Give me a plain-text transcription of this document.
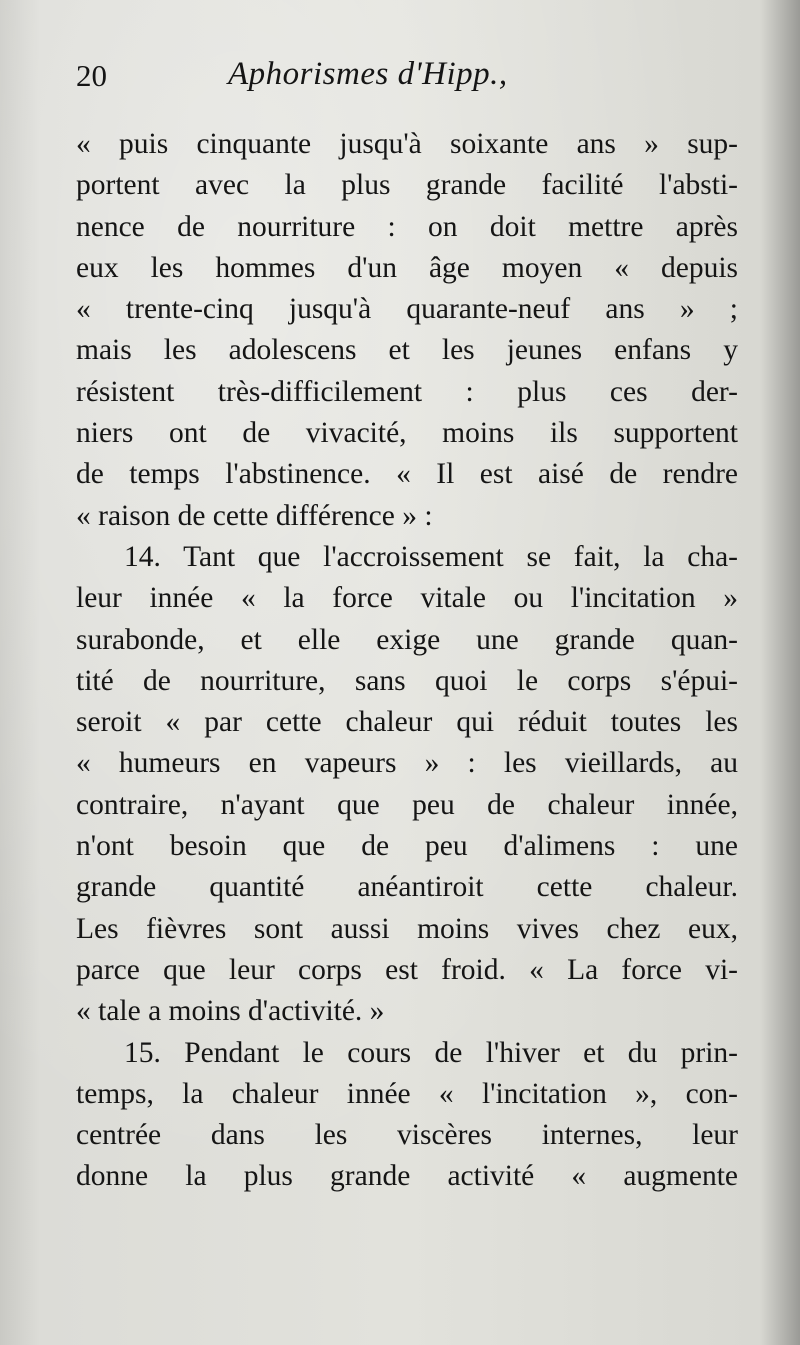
20	Aphorismes d'Hipp.,
« puis cinquante jusqu'à soixante ans » sup-
portent avec la plus grande facilité l'absti-
nence de nourriture : on doit mettre après
eux les hommes d'un âge moyen « depuis
« trente-cinq jusqu'à quarante-neuf ans » ;
mais les adolescens et les jeunes enfans y
résistent très-difficilement : plus ces der-
niers ont de vivacité, moins ils supportent
de temps l'abstinence. « Il est aisé de rendre
« raison de cette différence » :
14. Tant que l'accroissement se fait, la cha-
leur innée « la force vitale ou l'incitation »
surabonde, et elle exige une grande quan-
tité de nourriture, sans quoi le corps s'épui-
seroit « par cette chaleur qui réduit toutes les
« humeurs en vapeurs » : les vieillards, au
contraire, n'ayant que peu de chaleur innée,
n'ont besoin que de peu d'alimens : une
grande quantité anéantiroit cette chaleur.
Les fièvres sont aussi moins vives chez eux,
parce que leur corps est froid. « La force vi-
« tale a moins d'activité. »
15. Pendant le cours de l'hiver et du prin-
temps, la chaleur innée « l'incitation », con-
centrée dans les viscères internes, leur
donne la plus grande activité « augmente
